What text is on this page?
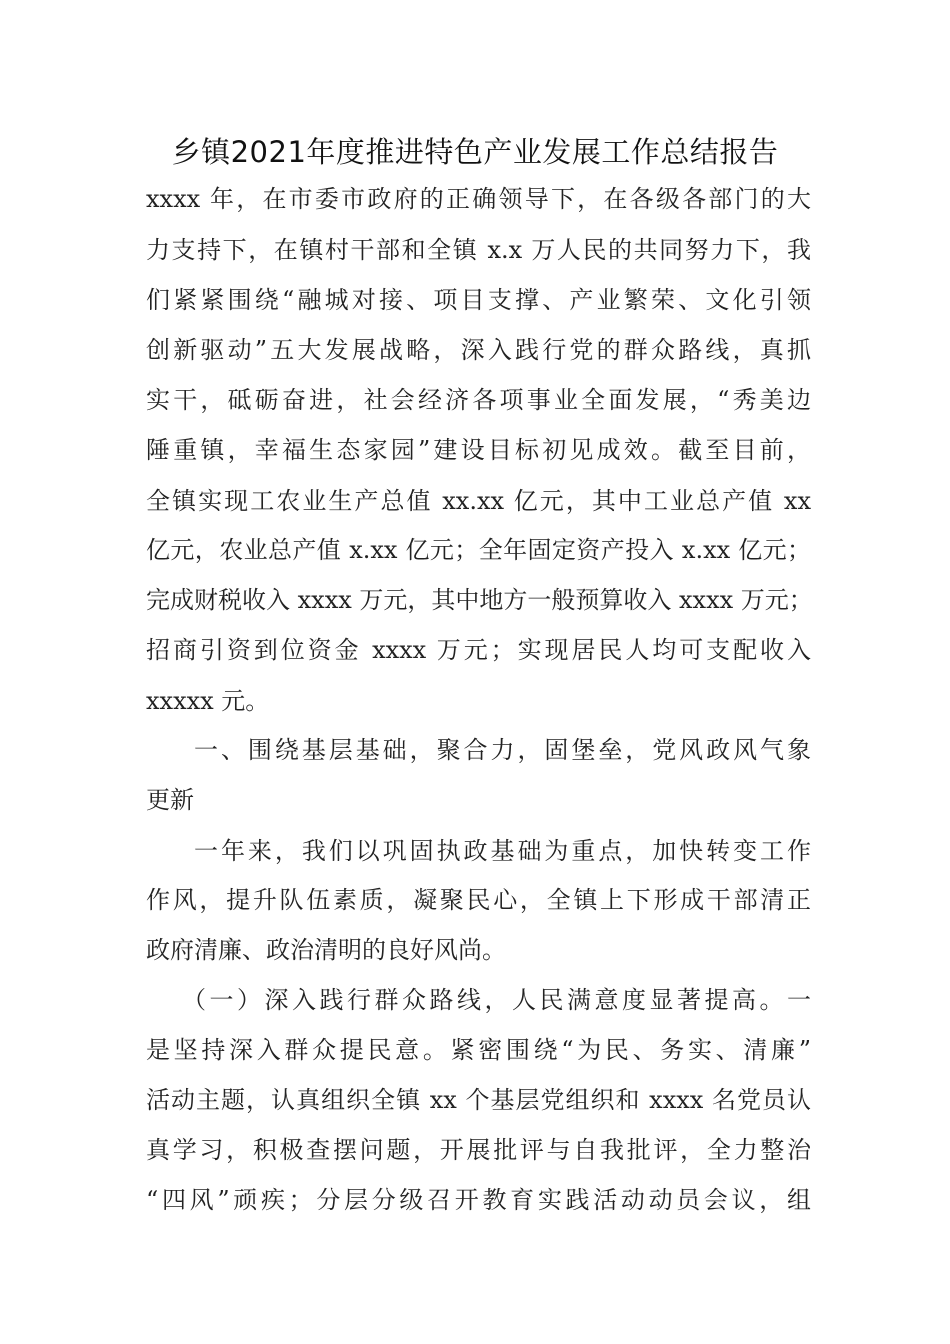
乡镇2021年度推进特色产业发展工作总结报告
xxxx 年，在市委市政府的正确领导下，在各级各部门的大
力支持下，在镇村干部和全镇 x.x 万人民的共同努力下，我
们紧紧围绕“融城对接、项目支撑、产业繁荣、文化引领
创新驱动”五大发展战略，深入践行党的群众路线，真抓
实干，砥砺奋进，社会经济各项事业全面发展，“秀美边
陲重镇，幸福生态家园”建设目标初见成效。截至目前，
全镇实现工农业生产总值 xx.xx 亿元，其中工业总产值 xx
亿元，农业总产值 x.xx 亿元；全年固定资产投入 x.xx 亿元；
完成财税收入 xxxx 万元，其中地方一般预算收入 xxxx 万元；
招商引资到位资金 xxxx 万元；实现居民人均可支配收入
xxxxx 元。
一、围绕基层基础，聚合力，固堡垒，党风政风气象
更新
一年来，我们以巩固执政基础为重点，加快转变工作
作风，提升队伍素质，凝聚民心，全镇上下形成干部清正
政府清廉、政治清明的良好风尚。
（一）深入践行群众路线，人民满意度显著提高。一
是坚持深入群众提民意。紧密围绕“为民、务实、清廉”
活动主题，认真组织全镇 xx 个基层党组织和 xxxx 名党员认
真学习，积极查摆问题，开展批评与自我批评，全力整治
“四风”顽疾；分层分级召开教育实践活动动员会议，组
